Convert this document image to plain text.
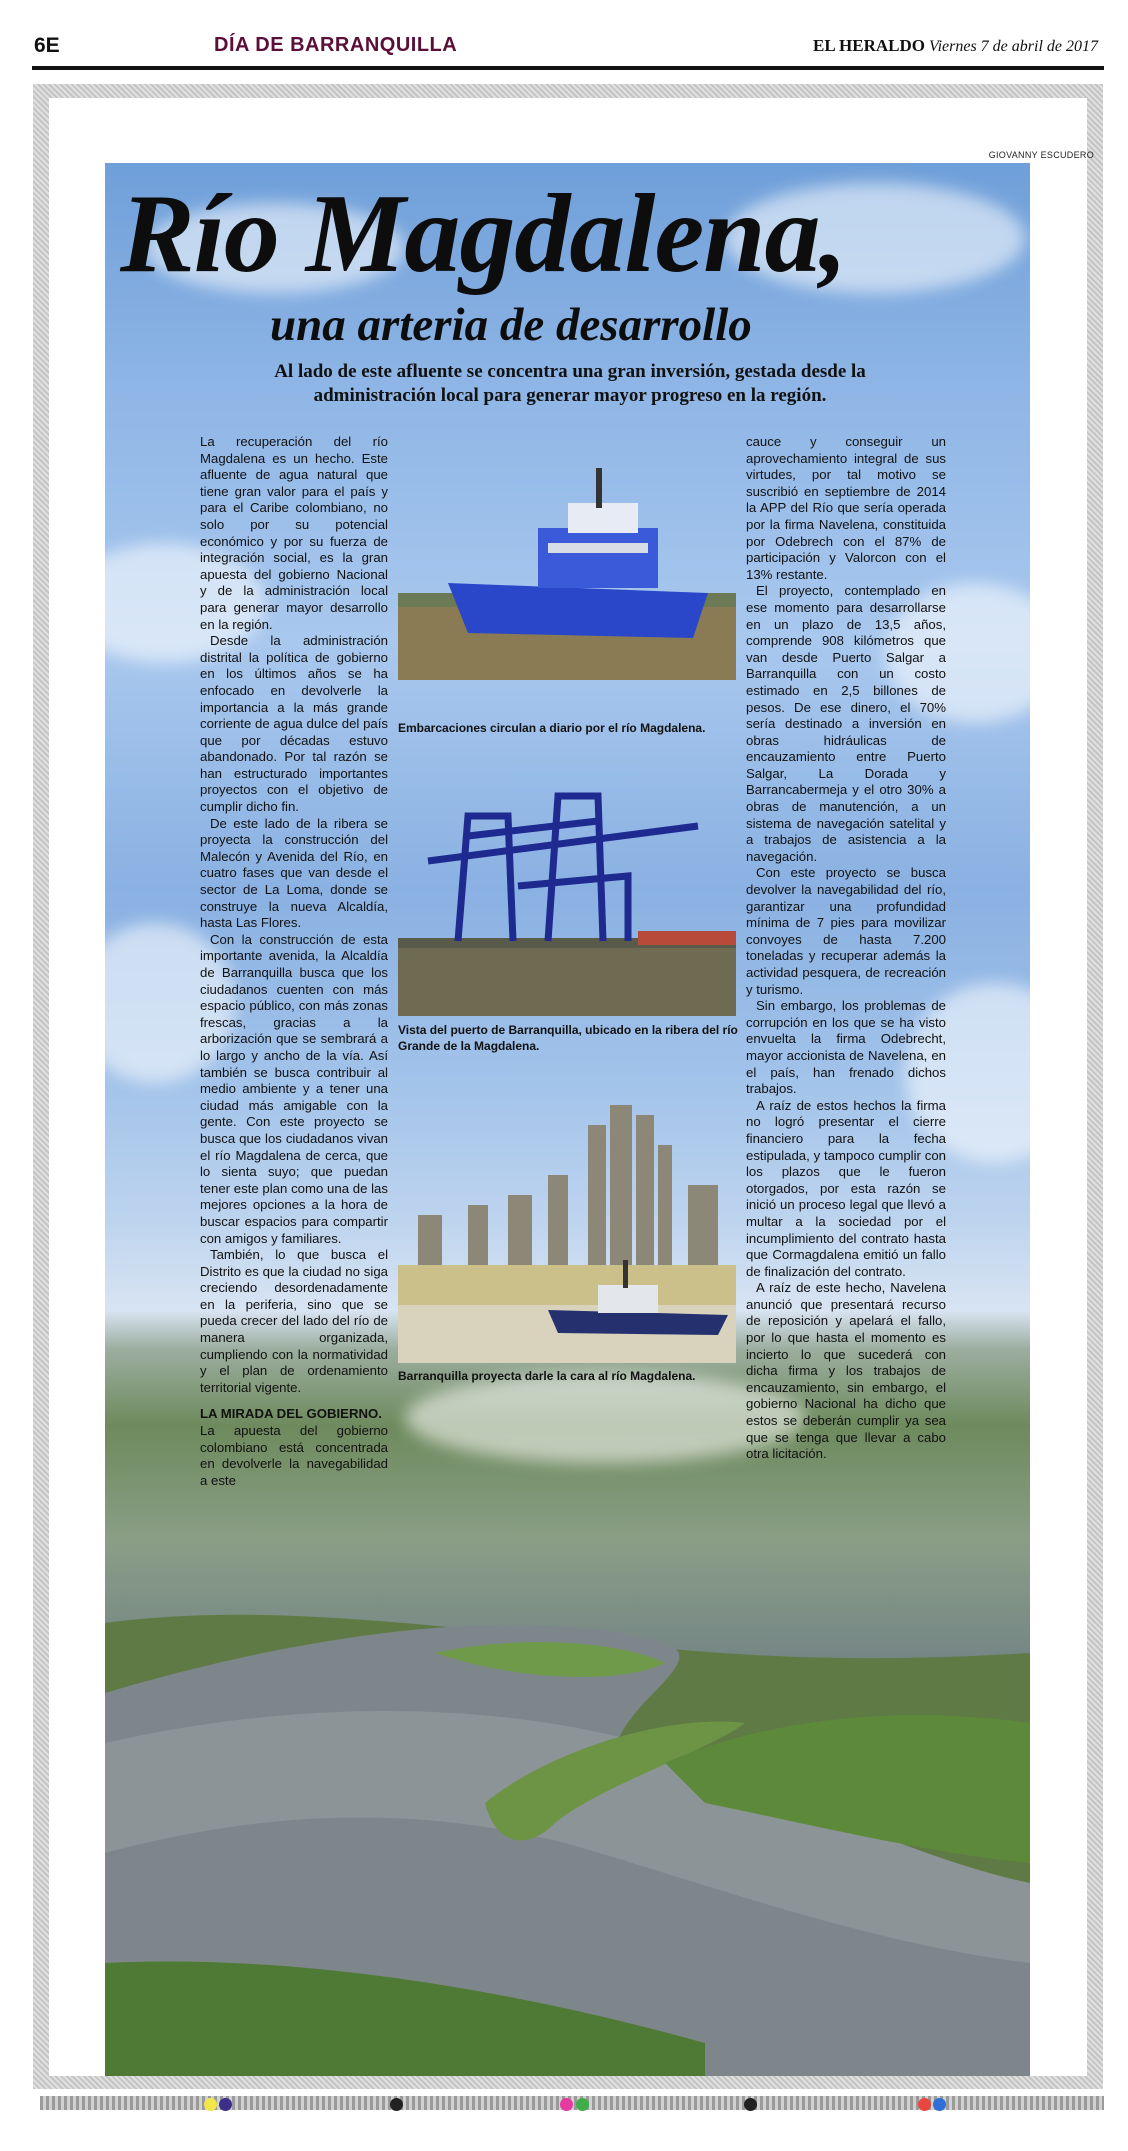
6E	DÍA DE BARRANQUILLA	EL HERALDO Viernes 7 de abril de 2017
GIOVANNY ESCUDERO
Río Magdalena,
una arteria de desarrollo
Al lado de este afluente se concentra una gran inversión, gestada desde la administración local para generar mayor progreso en la región.

La recuperación del río Magdalena es un hecho. Este afluente de agua natural que tiene gran valor para el país y para el Caribe colombiano, no solo por su potencial económico y por su fuerza de integración social, es la gran apuesta del gobierno Nacional y de la administración local para generar mayor desarrollo en la región.

Desde la administración distrital la política de gobierno en los últimos años se ha enfocado en devolverle la importancia a la más grande corriente de agua dulce del país que por décadas estuvo abandonado. Por tal razón se han estructurado importantes proyectos con el objetivo de cumplir dicho fin.

De este lado de la ribera se proyecta la construcción del Malecón y Avenida del Río, en cuatro fases que van desde el sector de La Loma, donde se construye la nueva Alcaldía, hasta Las Flores.

Con la construcción de esta importante avenida, la Alcaldía de Barranquilla busca que los ciudadanos cuenten con más espacio público, con más zonas frescas, gracias a la arborización que se sembrará a lo largo y ancho de la vía. Así también se busca contribuir al medio ambiente y a tener una ciudad más amigable con la gente. Con este proyecto se busca que los ciudadanos vivan el río Magdalena de cerca, que lo sienta suyo; que puedan tener este plan como una de las mejores opciones a la hora de buscar espacios para compartir con amigos y familiares.

También, lo que busca el Distrito es que la ciudad no siga creciendo desordenadamente en la periferia, sino que se pueda crecer del lado del río de manera organizada, cumpliendo con la normatividad y el plan de ordenamiento territorial vigente.

LA MIRADA DEL GOBIERNO.

La apuesta del gobierno colombiano está concentrada en devolverle la navegabilidad a este

cauce y conseguir un aprovechamiento integral de sus virtudes, por tal motivo se suscribió en septiembre de 2014 la APP del Río que sería operada por la firma Navelena, constituida por Odebrech con el 87% de participación y Valorcon con el 13% restante.

El proyecto, contemplado en ese momento para desarrollarse en un plazo de 13,5 años, comprende 908 kilómetros que van desde Puerto Salgar a Barranquilla con un costo estimado en 2,5 billones de pesos. De ese dinero, el 70% sería destinado a inversión en obras hidráulicas de encauzamiento entre Puerto Salgar, La Dorada y Barrancabermeja y el otro 30% a obras de manutención, a un sistema de navegación satelital y a trabajos de asistencia a la navegación.

Con este proyecto se busca devolver la navegabilidad del río, garantizar una profundidad mínima de 7 pies para movilizar convoyes de hasta 7.200 toneladas y recuperar además la actividad pesquera, de recreación y turismo.

Sin embargo, los problemas de corrupción en los que se ha visto envuelta la firma Odebrecht, mayor accionista de Navelena, en el país, han frenado dichos trabajos.

A raíz de estos hechos la firma no logró presentar el cierre financiero para la fecha estipulada, y tampoco cumplir con los plazos que le fueron otorgados, por esta razón se inició un proceso legal que llevó a multar a la sociedad por el incumplimiento del contrato hasta que Cormagdalena emitió un fallo de finalización del contrato.

A raíz de este hecho, Navelena anunció que presentará recurso de reposición y apelará el fallo, por lo que hasta el momento es incierto lo que sucederá con dicha firma y los trabajos de encauzamiento, sin embargo, el gobierno Nacional ha dicho que estos se deberán cumplir ya sea que se tenga que llevar a cabo otra licitación.

Embarcaciones circulan a diario por el río Magdalena.
Vista del puerto de Barranquilla, ubicado en la ribera del río Grande de la Magdalena.
Barranquilla proyecta darle la cara al río Magdalena.
